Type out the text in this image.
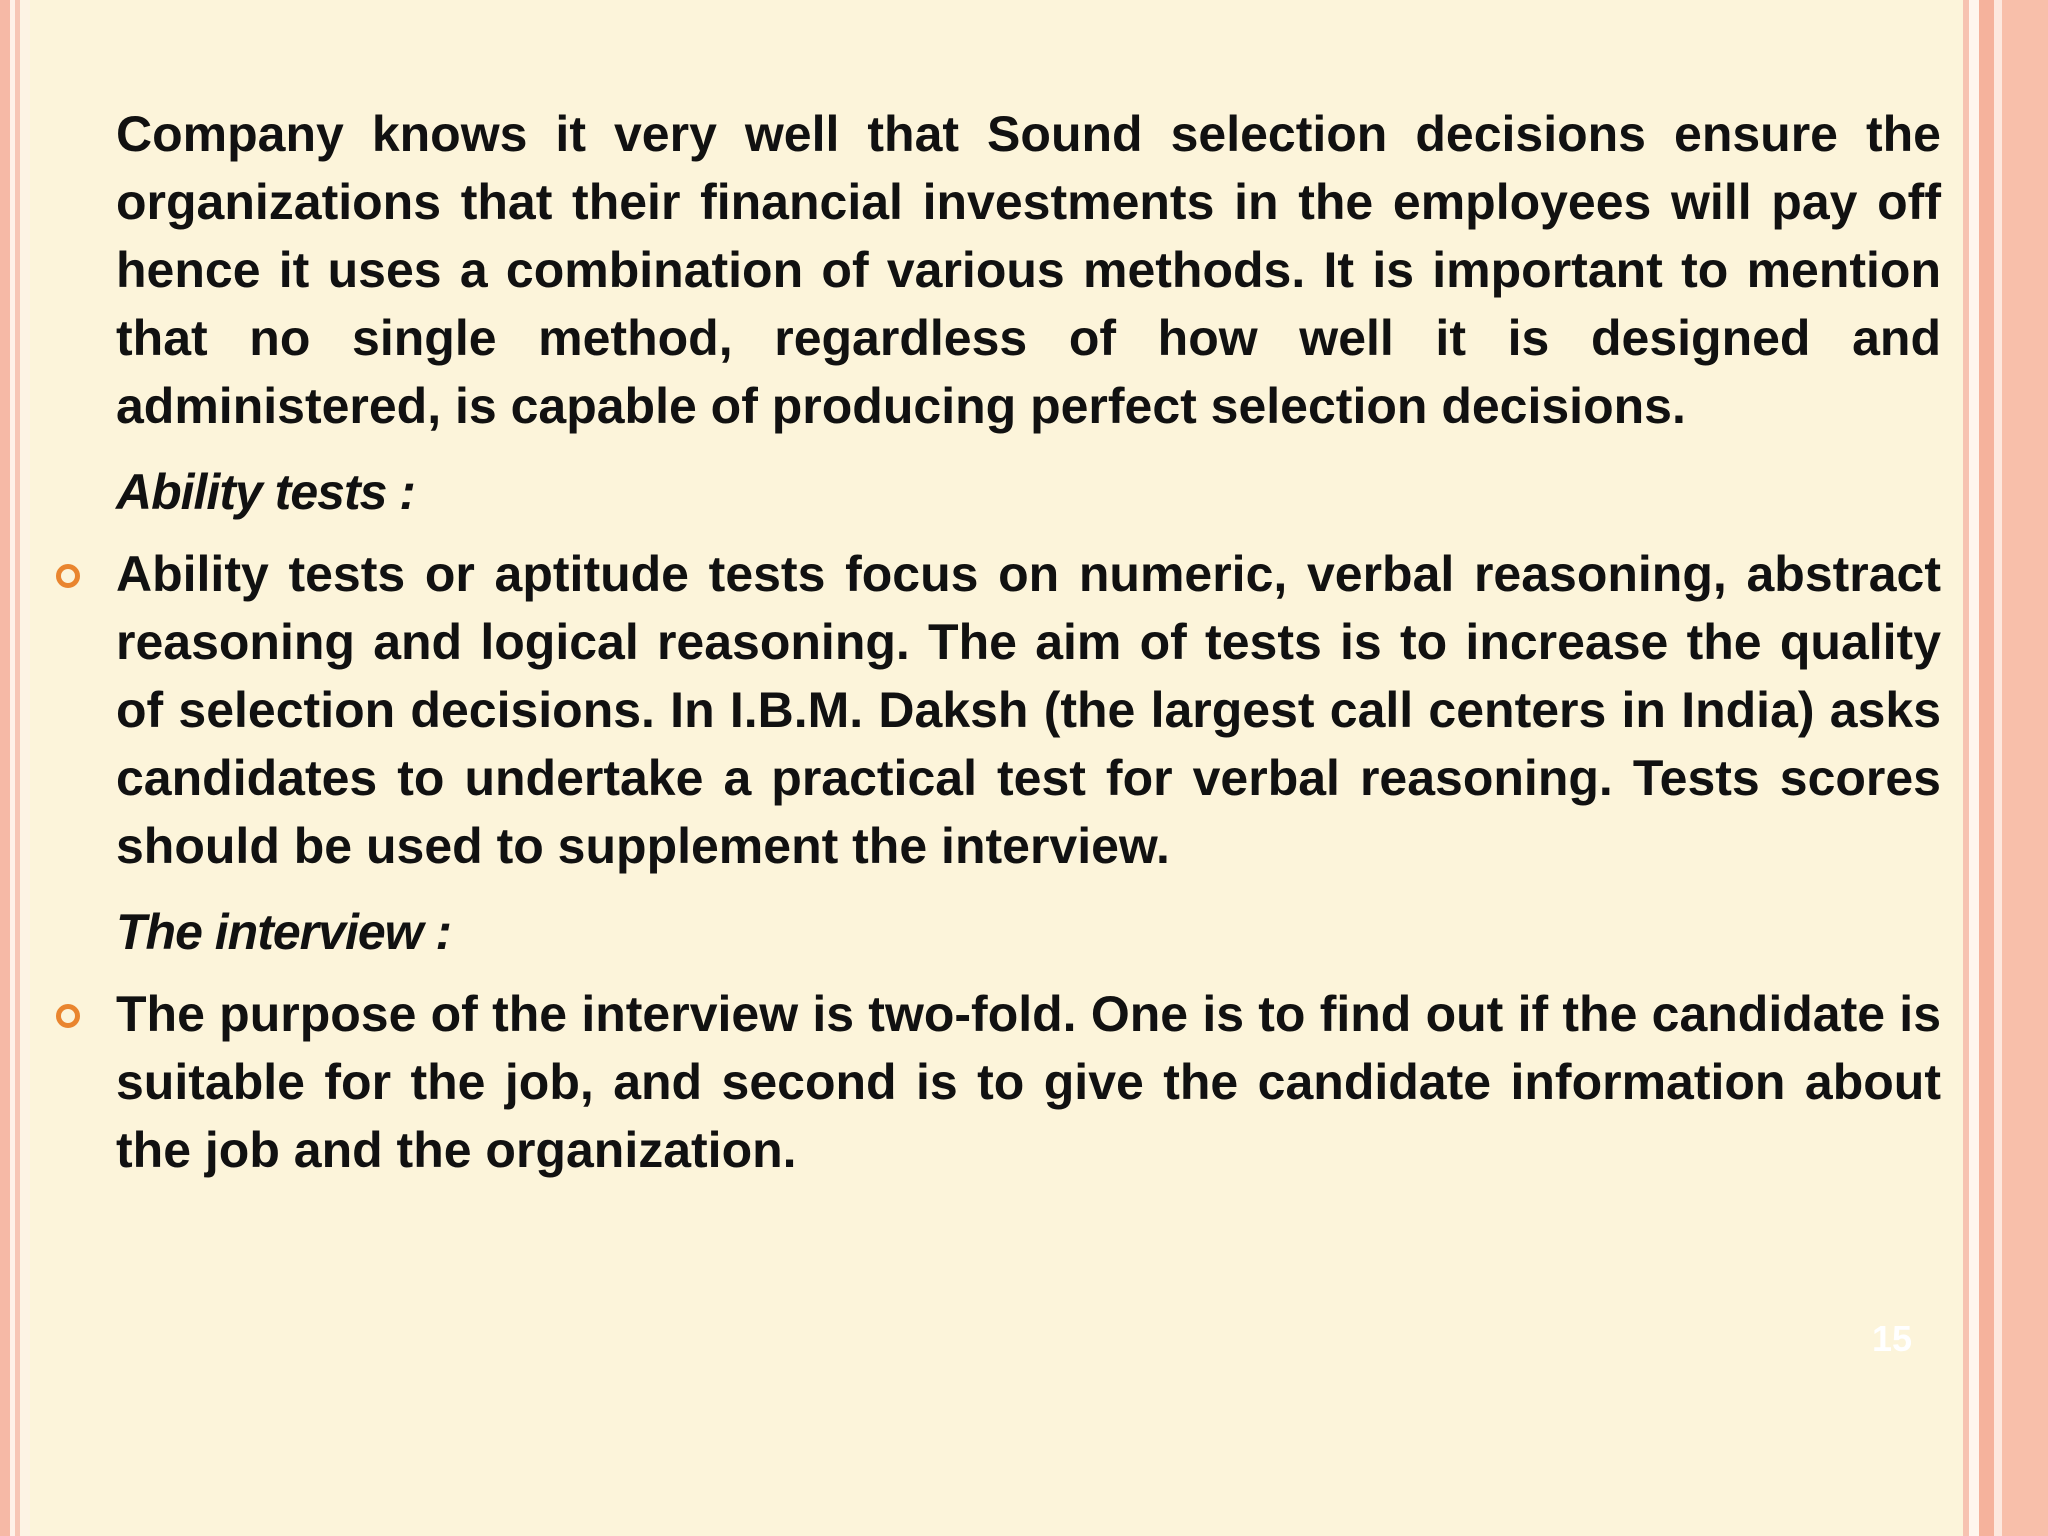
Company knows it very well that Sound selection decisions ensure the organizations that their financial investments in the employees will pay off hence it uses a combination of various methods. It is important to mention that no single method, regardless of how well it is designed and administered, is capable of producing perfect selection decisions.

Ability tests :
Ability tests or aptitude tests focus on numeric, verbal reasoning, abstract reasoning and logical reasoning. The aim of tests is to increase the quality of selection decisions. In I.B.M. Daksh (the largest call centers in India) asks candidates to undertake a practical test for verbal reasoning. Tests scores should be used to supplement the interview.
The interview :
The purpose of the interview is two-fold. One is to find out if the candidate is suitable for the job, and second is to give the candidate information about the job and the organization.
15
